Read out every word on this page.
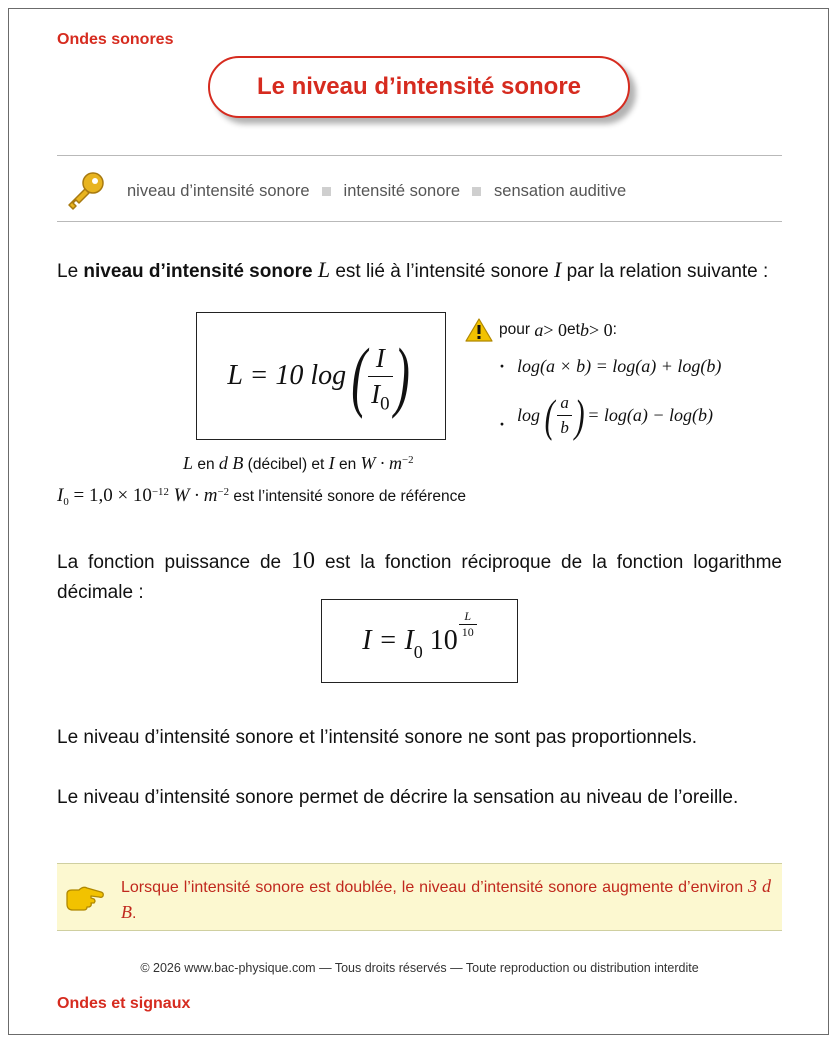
Ondes sonores
Le niveau d’intensité sonore
niveau d’intensité sonore intensité sonore sensation auditive
Le niveau d’intensité sonore L est lié à l’intensité sonore I par la relation suivante :
L = 10
log ( $\frac{I}{I_0}$ )
pour
a > 0 et b > 0 :
· log(a × b) = log(a) + log(b)
· log ( $\frac{a}{b}$ ) = log(a) − log(b)
L en d B (décibel) et I en $W \cdot m^{-2}$
$I_0 = 1,0 \times 10^{-12}$ $W \cdot m^{-2}$ est l’intensité sonore de référence
La fonction puissance de 10 est la fonction réciproque de la fonction logarithme décimale :
$I = I_0$
10
$\frac{L}{10}$
Le niveau d’intensité sonore et l’intensité sonore ne sont pas proportionnels.
Le niveau d’intensité sonore permet de décrire la sensation au niveau de l’oreille.
Lorsque l’intensité sonore est doublée, le niveau d’intensité sonore augmente d’environ 3 d B.
© 2026 www.bac-physique.com — Tous droits réservés — Toute reproduction ou distribution interdite
Ondes et signaux
